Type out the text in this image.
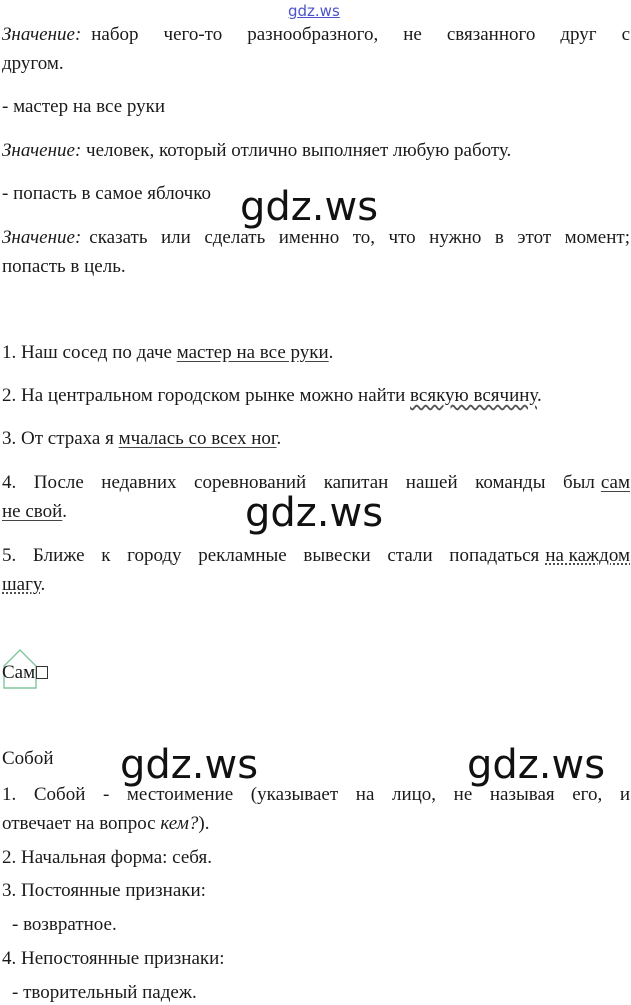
gdz.ws
Значение: набор чего-то разнообразного, не связанного друг с
другом.
- мастер на все руки
Значение: человек, который отлично выполняет любую работу.
- попасть в самое яблочко gdz.ws
Значение: сказать или сделать именно то, что нужно в этот момент;
попасть в цель.
1. Наш сосед по даче мастер на все руки.
2. На центральном городском рынке можно найти всякую всячину.
3. От страха я мчалась со всех ног.
4. После недавних соревнований капитан нашей команды был сам
не свой.	gdz.ws
5. Ближе к городу рекламные вывески стали попадаться на каждом
шагу.
Сам
Собой gdz.ws	gdz.ws
1. Собой - местоимение (указывает на лицо, не называя его, и
отвечает на вопрос кем?).
2. Начальная форма: себя.
3. Постоянные признаки:
- возвратное.
4. Непостоянные признаки:
- творительный падеж.
